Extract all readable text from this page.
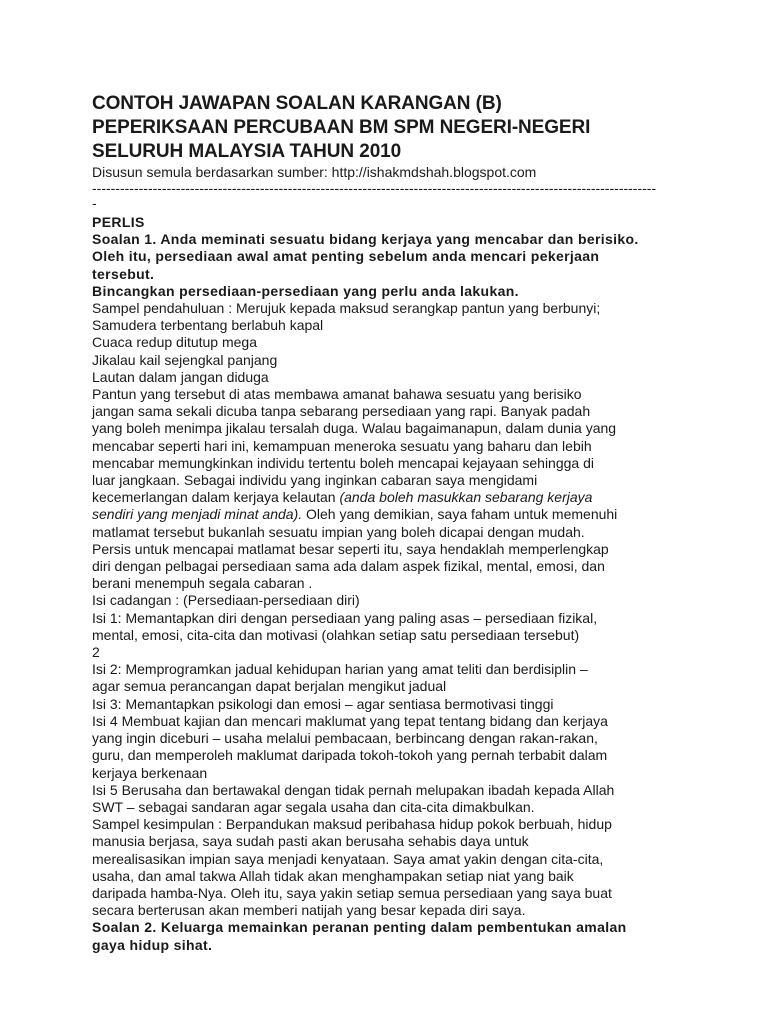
CONTOH JAWAPAN SOALAN KARANGAN (B)

PEPERIKSAAN PERCUBAAN BM SPM NEGERI-NEGERI

SELURUH MALAYSIA TAHUN 2010

Disusun semula berdasarkan sumber: http://ishakmdshah.blogspot.com

-------------------------------------------------------------------------------------------------------------------------

-

PERLIS

Soalan 1. Anda meminati sesuatu bidang kerjaya yang mencabar dan berisiko.

Oleh itu, persediaan awal amat penting sebelum anda mencari pekerjaan

tersebut.

Bincangkan persediaan-persediaan yang perlu anda lakukan.

Sampel pendahuluan : Merujuk kepada maksud serangkap pantun yang berbunyi;

Samudera terbentang berlabuh kapal

Cuaca redup ditutup mega

Jikalau kail sejengkal panjang

Lautan dalam jangan diduga

Pantun yang tersebut di atas membawa amanat bahawa sesuatu yang berisiko

jangan sama sekali dicuba tanpa sebarang persediaan yang rapi. Banyak padah

yang boleh menimpa jikalau tersalah duga. Walau bagaimanapun, dalam dunia yang

mencabar seperti hari ini, kemampuan meneroka sesuatu yang baharu dan lebih

mencabar memungkinkan individu tertentu boleh mencapai kejayaan sehingga di

luar jangkaan. Sebagai individu yang inginkan cabaran saya mengidami

kecemerlangan dalam kerjaya kelautan (anda boleh masukkan sebarang kerjaya

sendiri yang menjadi minat anda). Oleh yang demikian, saya faham untuk memenuhi

matlamat tersebut bukanlah sesuatu impian yang boleh dicapai dengan mudah.

Persis untuk mencapai matlamat besar seperti itu, saya hendaklah memperlengkap

diri dengan pelbagai persediaan sama ada dalam aspek fizikal, mental, emosi, dan

berani menempuh segala cabaran .

Isi cadangan : (Persediaan-persediaan diri)

Isi 1: Memantapkan diri dengan persediaan yang paling asas – persediaan fizikal,

mental, emosi, cita-cita dan motivasi (olahkan setiap satu persediaan tersebut)

2

Isi 2: Memprogramkan jadual kehidupan harian yang amat teliti dan berdisiplin –

agar semua perancangan dapat berjalan mengikut jadual

Isi 3: Memantapkan psikologi dan emosi – agar sentiasa bermotivasi tinggi

Isi 4 Membuat kajian dan mencari maklumat yang tepat tentang bidang dan kerjaya

yang ingin diceburi – usaha melalui pembacaan, berbincang dengan rakan-rakan,

guru, dan memperoleh maklumat daripada tokoh-tokoh yang pernah terbabit dalam

kerjaya berkenaan

Isi 5 Berusaha dan bertawakal dengan tidak pernah melupakan ibadah kepada Allah

SWT – sebagai sandaran agar segala usaha dan cita-cita dimakbulkan.

Sampel kesimpulan : Berpandukan maksud peribahasa hidup pokok berbuah, hidup

manusia berjasa, saya sudah pasti akan berusaha sehabis daya untuk

merealisasikan impian saya menjadi kenyataan. Saya amat yakin dengan cita-cita,

usaha, dan amal takwa Allah tidak akan menghampakan setiap niat yang baik

daripada hamba-Nya. Oleh itu, saya yakin setiap semua persediaan yang saya buat

secara berterusan akan memberi natijah yang besar kepada diri saya.

Soalan 2. Keluarga memainkan peranan penting dalam pembentukan amalan

gaya hidup sihat.
